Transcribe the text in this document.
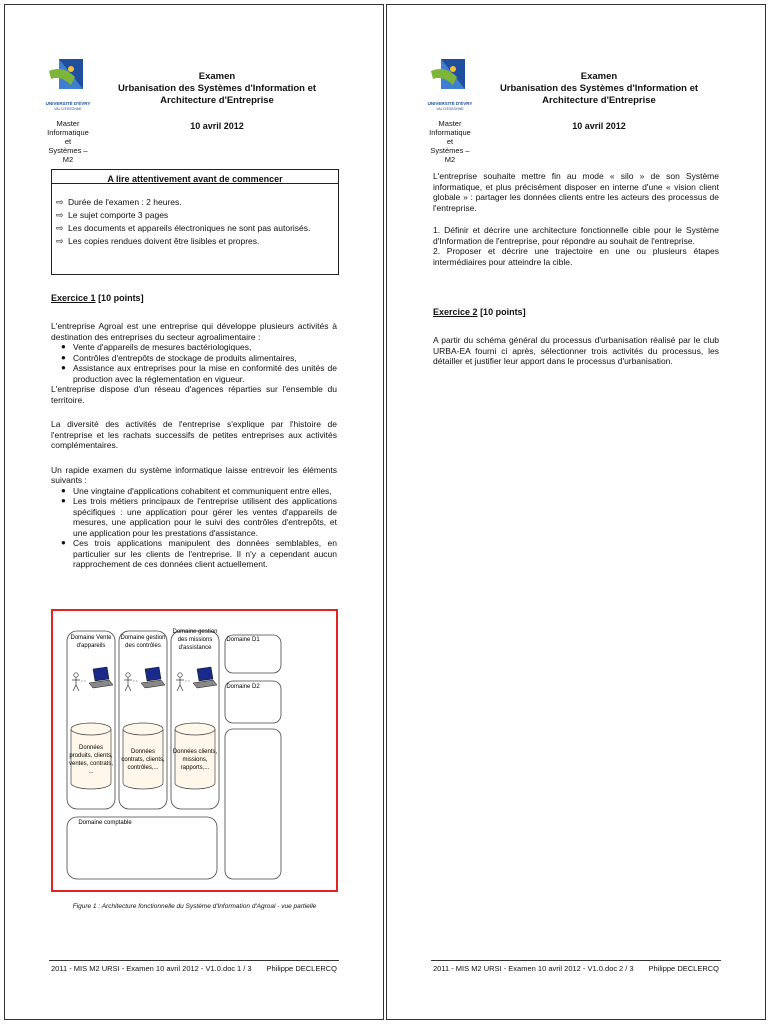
UNIVERSITÉ D'ÉVRY
VAL D'ESSONNE
Master
Informatique et
Systèmes – M2
Examen
Urbanisation des Systèmes d'Information et Architecture d'Entreprise
10 avril 2012
A lire attentivement avant de commencer
⇨ Durée de l'examen : 2 heures.
⇨ Le sujet comporte 3 pages
⇨ Les documents et appareils électroniques ne sont pas autorisés.
⇨ Les copies rendues doivent être lisibles et propres.
Exercice 1 [10 points]

L'entreprise Agroal est une entreprise qui développe plusieurs activités à destination des entreprises du secteur agroalimentaire :

● Vente d'appareils de mesures bactériologiques,
● Contrôles d'entrepôts de stockage de produits alimentaires,
● Assistance aux entreprises pour la mise en conformité des unités de production avec la réglementation en vigueur.

L'entreprise dispose d'un réseau d'agences réparties sur l'ensemble du territoire.

La diversité des activités de l'entreprise s'explique par l'histoire de l'entreprise et les rachats successifs de petites entreprises aux activités complémentaires.

Un rapide examen du système informatique laisse entrevoir les éléments suivants :

● Une vingtaine d'applications cohabitent et communiquent entre elles,
● Les trois métiers principaux de l'entreprise utilisent des applications spécifiques : une application pour gérer les ventes d'appareils de mesures, une application pour le suivi des contrôles d'entrepôts, et une application pour les prestations d'assistance.
● Ces trois applications manipulent des données semblables, en particulier sur les clients de l'entreprise. Il n'y a cependant aucun rapprochement de ces données client actuellement.
Domaine Vente
d'appareils
Domaine gestion
des contrôles
Domaine gestion
des missions
d'assistance
Domaine D1
Domaine D2
Domaine comptable
Données
produits, clients,
ventes, contrats,
...
Données
contrats, clients,
contrôles,...
Données clients,
missions,
rapports,...
Figure 1 : Architecture fonctionnelle du Système d'Information d'Agroal - vue partielle
2011 - MIS M2 URSI - Examen 10 avril 2012 - V1.0.doc 1 / 3 Philippe DECLERCQ
UNIVERSITÉ D'ÉVRY
VAL D'ESSONNE
Master
Informatique et
Systèmes – M2
Examen
Urbanisation des Systèmes d'Information et Architecture d'Entreprise
10 avril 2012

L'entreprise souhaite mettre fin au mode « silo » de son Système informatique, et plus précisément disposer en interne d'une « vision client globale » : partager les données clients entre les acteurs des processus de l'entreprise.

1. Définir et décrire une architecture fonctionnelle cible pour le Système d'Information de l'entreprise, pour répondre au souhait de l'entreprise.

2. Proposer et décrire une trajectoire en une ou plusieurs étapes intermédiaires pour atteindre la cible.

Exercice 2 [10 points]
A partir du schéma général du processus d'urbanisation réalisé par le club URBA-EA fourni ci après, sélectionner trois activités du processus, les détailler et justifier leur apport dans le processus d'urbanisation.
2011 - MIS M2 URSI - Examen 10 avril 2012 - V1.0.doc 2 / 3 Philippe DECLERCQ
